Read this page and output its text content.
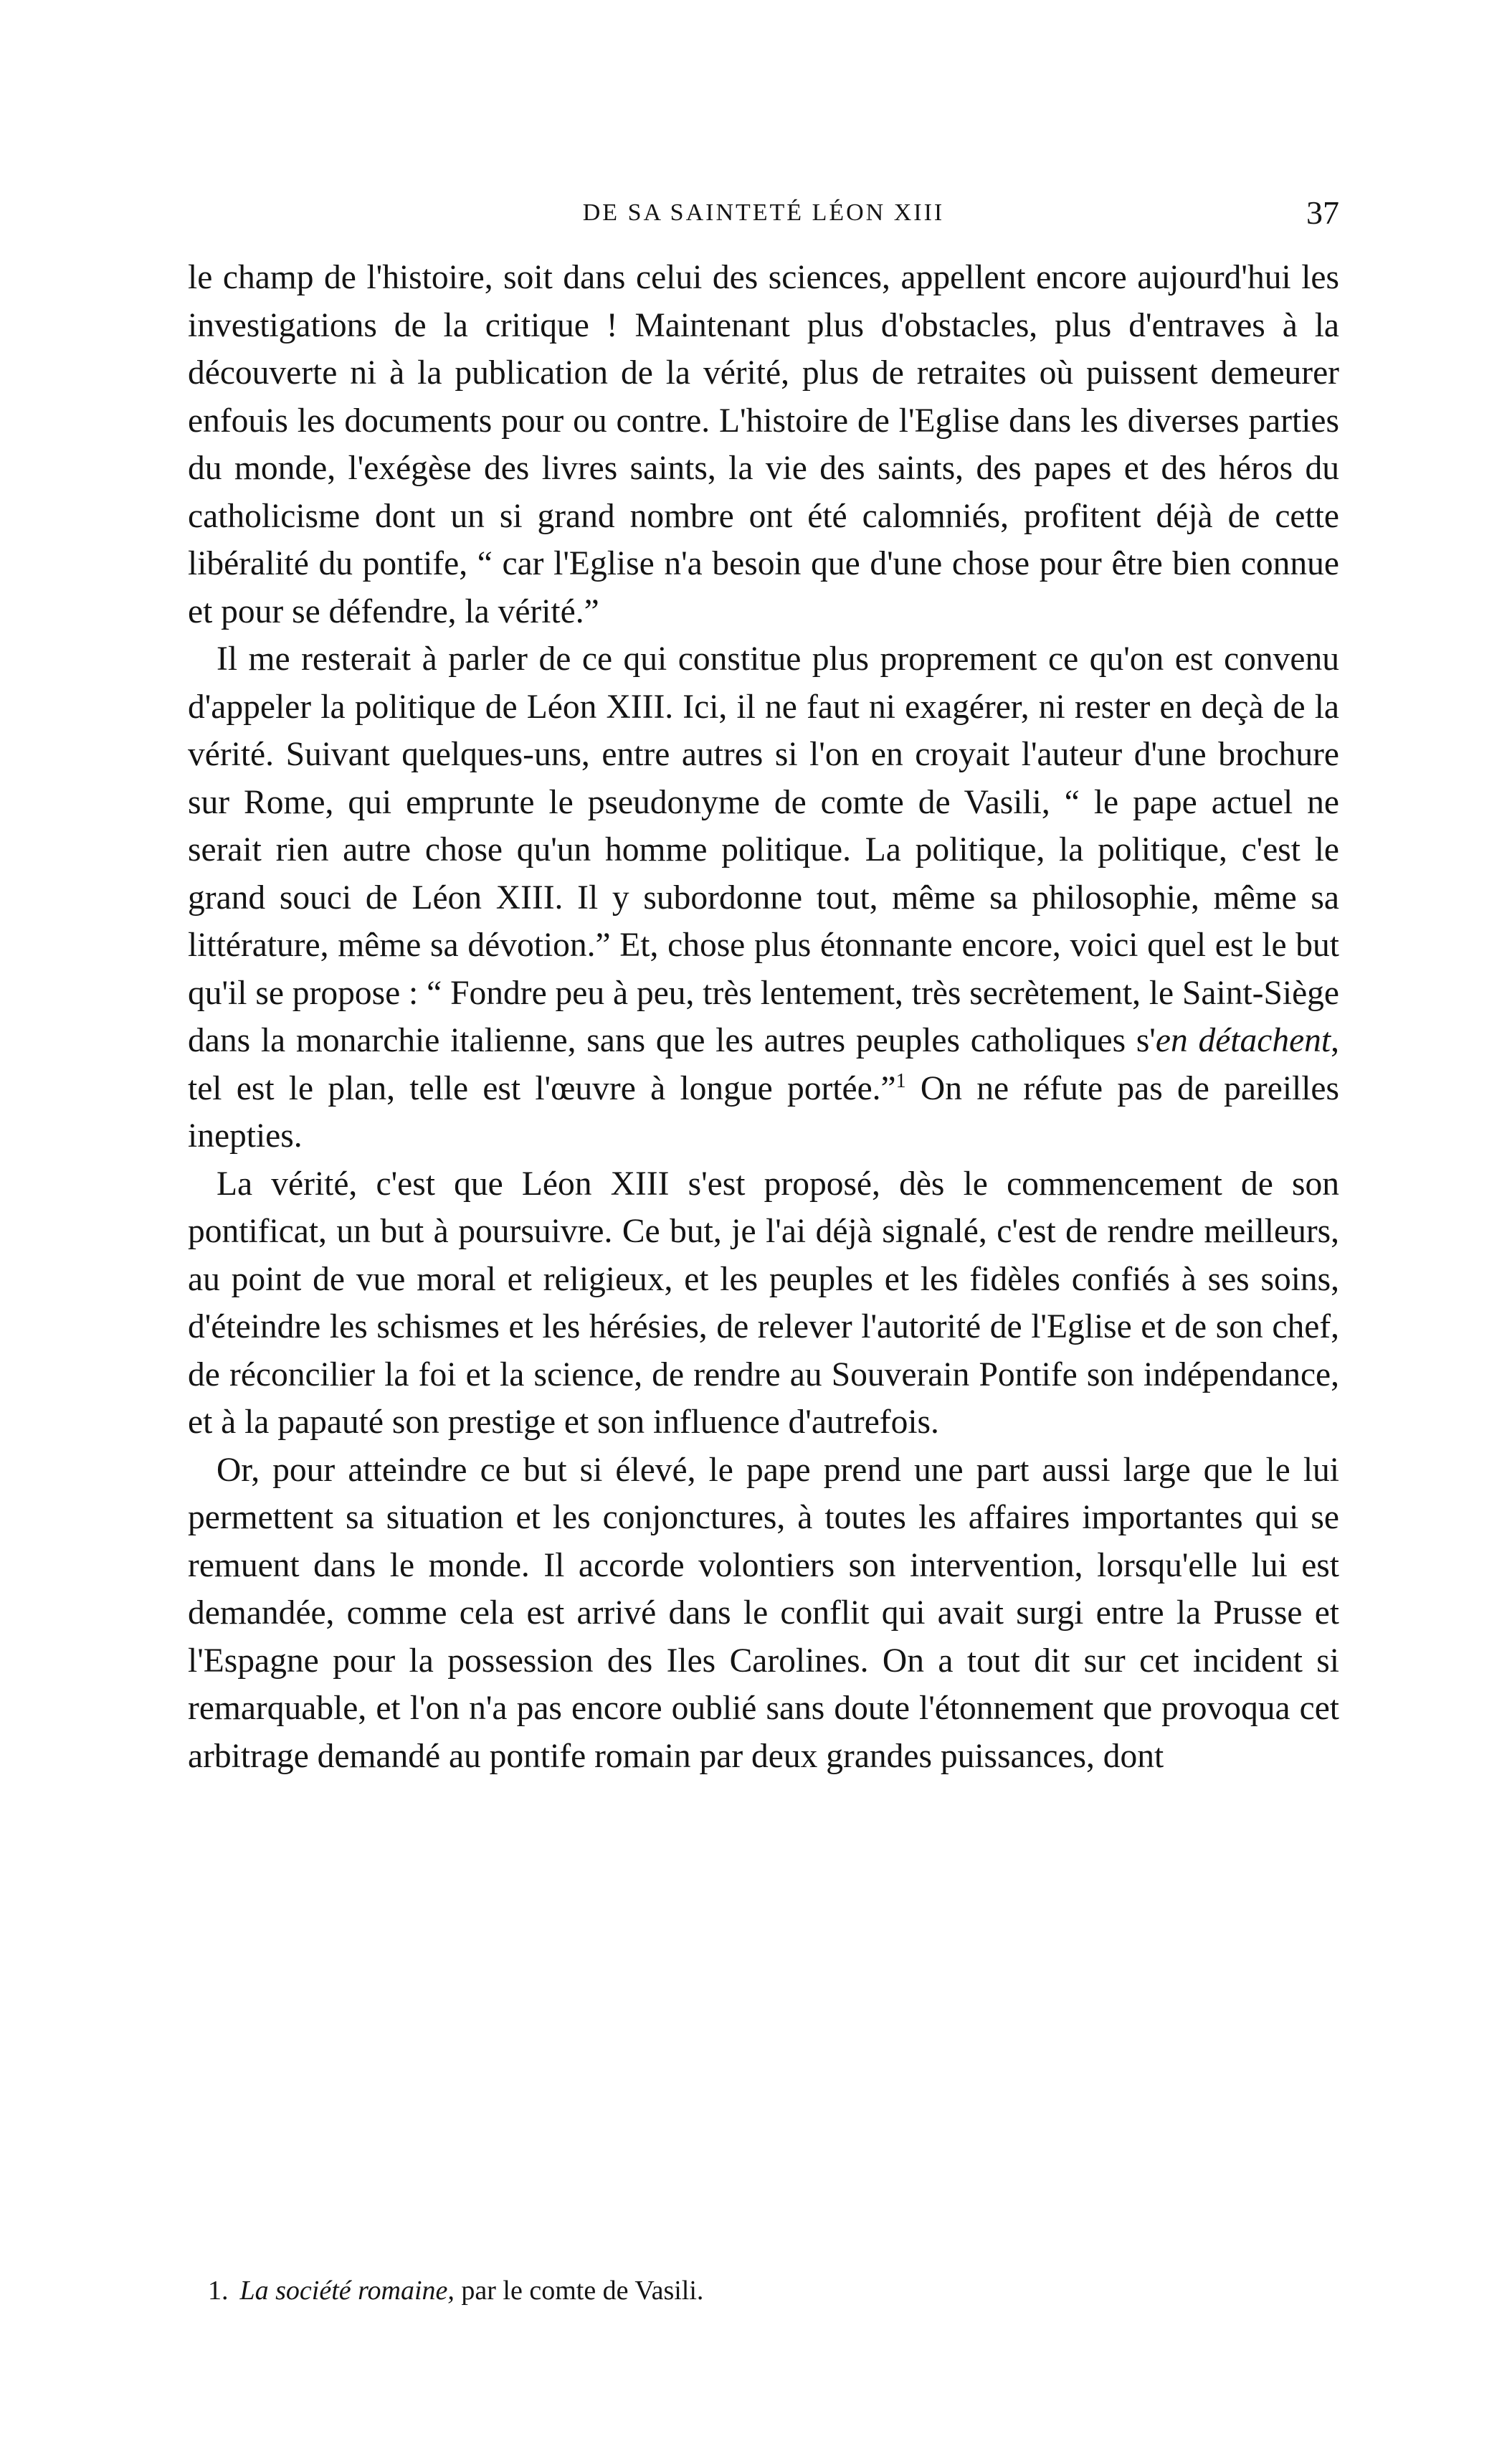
DE SA SAINTETÉ LÉON XIII	37

le champ de l'histoire, soit dans celui des sciences, appellent encore aujourd'hui les investigations de la critique ! Maintenant plus d'obstacles, plus d'entraves à la découverte ni à la publication de la vérité, plus de retraites où puissent demeurer enfouis les documents pour ou contre. L'histoire de l'Eglise dans les diverses parties du monde, l'exégèse des livres saints, la vie des saints, des papes et des héros du catholicisme dont un si grand nombre ont été calomniés, profitent déjà de cette libéralité du pontife, “ car l'Eglise n'a besoin que d'une chose pour être bien connue et pour se défendre, la vérité.”

Il me resterait à parler de ce qui constitue plus proprement ce qu'on est convenu d'appeler la politique de Léon XIII. Ici, il ne faut ni exagérer, ni rester en deçà de la vérité. Suivant quelques-uns, entre autres si l'on en croyait l'auteur d'une brochure sur Rome, qui emprunte le pseudonyme de comte de Vasili, “ le pape actuel ne serait rien autre chose qu'un homme politique. La politique, la politique, c'est le grand souci de Léon XIII. Il y subordonne tout, même sa philosophie, même sa littérature, même sa dévotion.” Et, chose plus étonnante encore, voici quel est le but qu'il se propose : “ Fondre peu à peu, très lentement, très secrètement, le Saint-Siège dans la monarchie italienne, sans que les autres peuples catholiques s'en détachent, tel est le plan, telle est l'œuvre à longue portée.”$^1$ On ne réfute pas de pareilles inepties.

La vérité, c'est que Léon XIII s'est proposé, dès le commencement de son pontificat, un but à poursuivre. Ce but, je l'ai déjà signalé, c'est de rendre meilleurs, au point de vue moral et religieux, et les peuples et les fidèles confiés à ses soins, d'éteindre les schismes et les hérésies, de relever l'autorité de l'Eglise et de son chef, de réconcilier la foi et la science, de rendre au Souverain Pontife son indépendance, et à la papauté son prestige et son influence d'autrefois.

Or, pour atteindre ce but si élevé, le pape prend une part aussi large que le lui permettent sa situation et les conjonctures, à toutes les affaires importantes qui se remuent dans le monde. Il accorde volontiers son intervention, lorsqu'elle lui est demandée, comme cela est arrivé dans le conflit qui avait surgi entre la Prusse et l'Espagne pour la possession des Iles Carolines. On a tout dit sur cet incident si remarquable, et l'on n'a pas encore oublié sans doute l'étonnement que provoqua cet arbitrage demandé au pontife romain par deux grandes puissances, dont

1. La société romaine, par le comte de Vasili.
